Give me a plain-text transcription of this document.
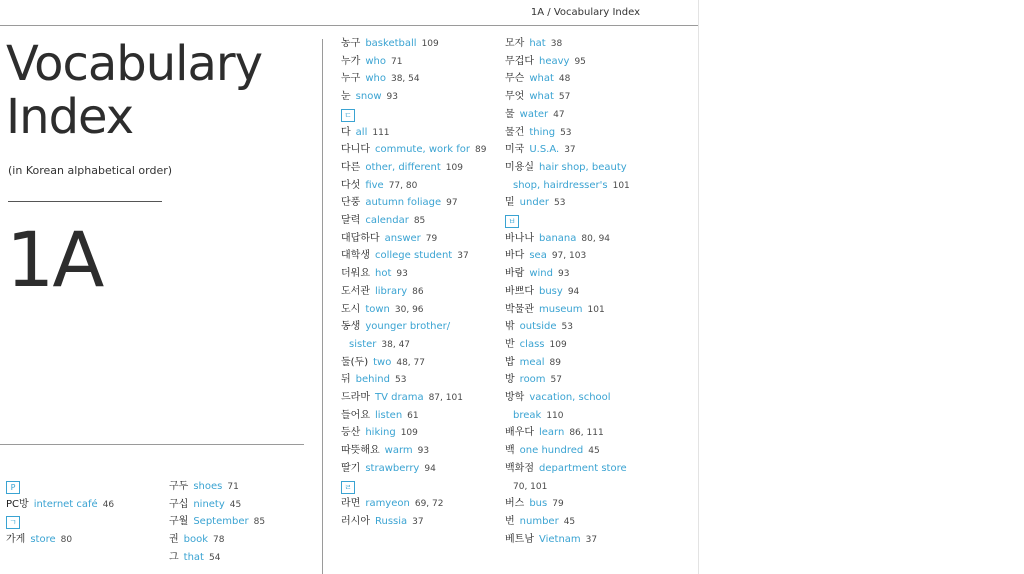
1A / Vocabulary Index
Vocabulary
Index
(in Korean alphabetical order)
1A
P
PC방 internet café 46
ㄱ
가게 store 80
구두 shoes 71
구십 ninety 45
구월 September 85
권 book 78
그 that 54
농구 basketball 109
누가 who 71
누구 who 38, 54
눈 snow 93
ㄷ
다 all 111
다니다 commute, work for 89
다른 other, different 109
다섯 five 77, 80
단풍 autumn foliage 97
달력 calendar 85
대답하다 answer 79
대학생 college student 37
더워요 hot 93
도서관 library 86
도시 town 30, 96
동생 younger brother/
sister 38, 47
둘(두) two 48, 77
뒤 behind 53
드라마 TV drama 87, 101
들어요 listen 61
등산 hiking 109
따뜻해요 warm 93
딸기 strawberry 94
ㄹ
라면 ramyeon 69, 72
러시아 Russia 37
모자 hat 38
무겁다 heavy 95
무슨 what 48
무엇 what 57
물 water 47
물건 thing 53
미국 U.S.A. 37
미용실 hair shop, beauty
shop, hairdresser's 101
밑 under 53
ㅂ
바나나 banana 80, 94
바다 sea 97, 103
바람 wind 93
바쁘다 busy 94
박물관 museum 101
밖 outside 53
반 class 109
밥 meal 89
방 room 57
방학 vacation, school
break 110
배우다 learn 86, 111
백 one hundred 45
백화점 department store
70, 101
버스 bus 79
번 number 45
베트남 Vietnam 37
